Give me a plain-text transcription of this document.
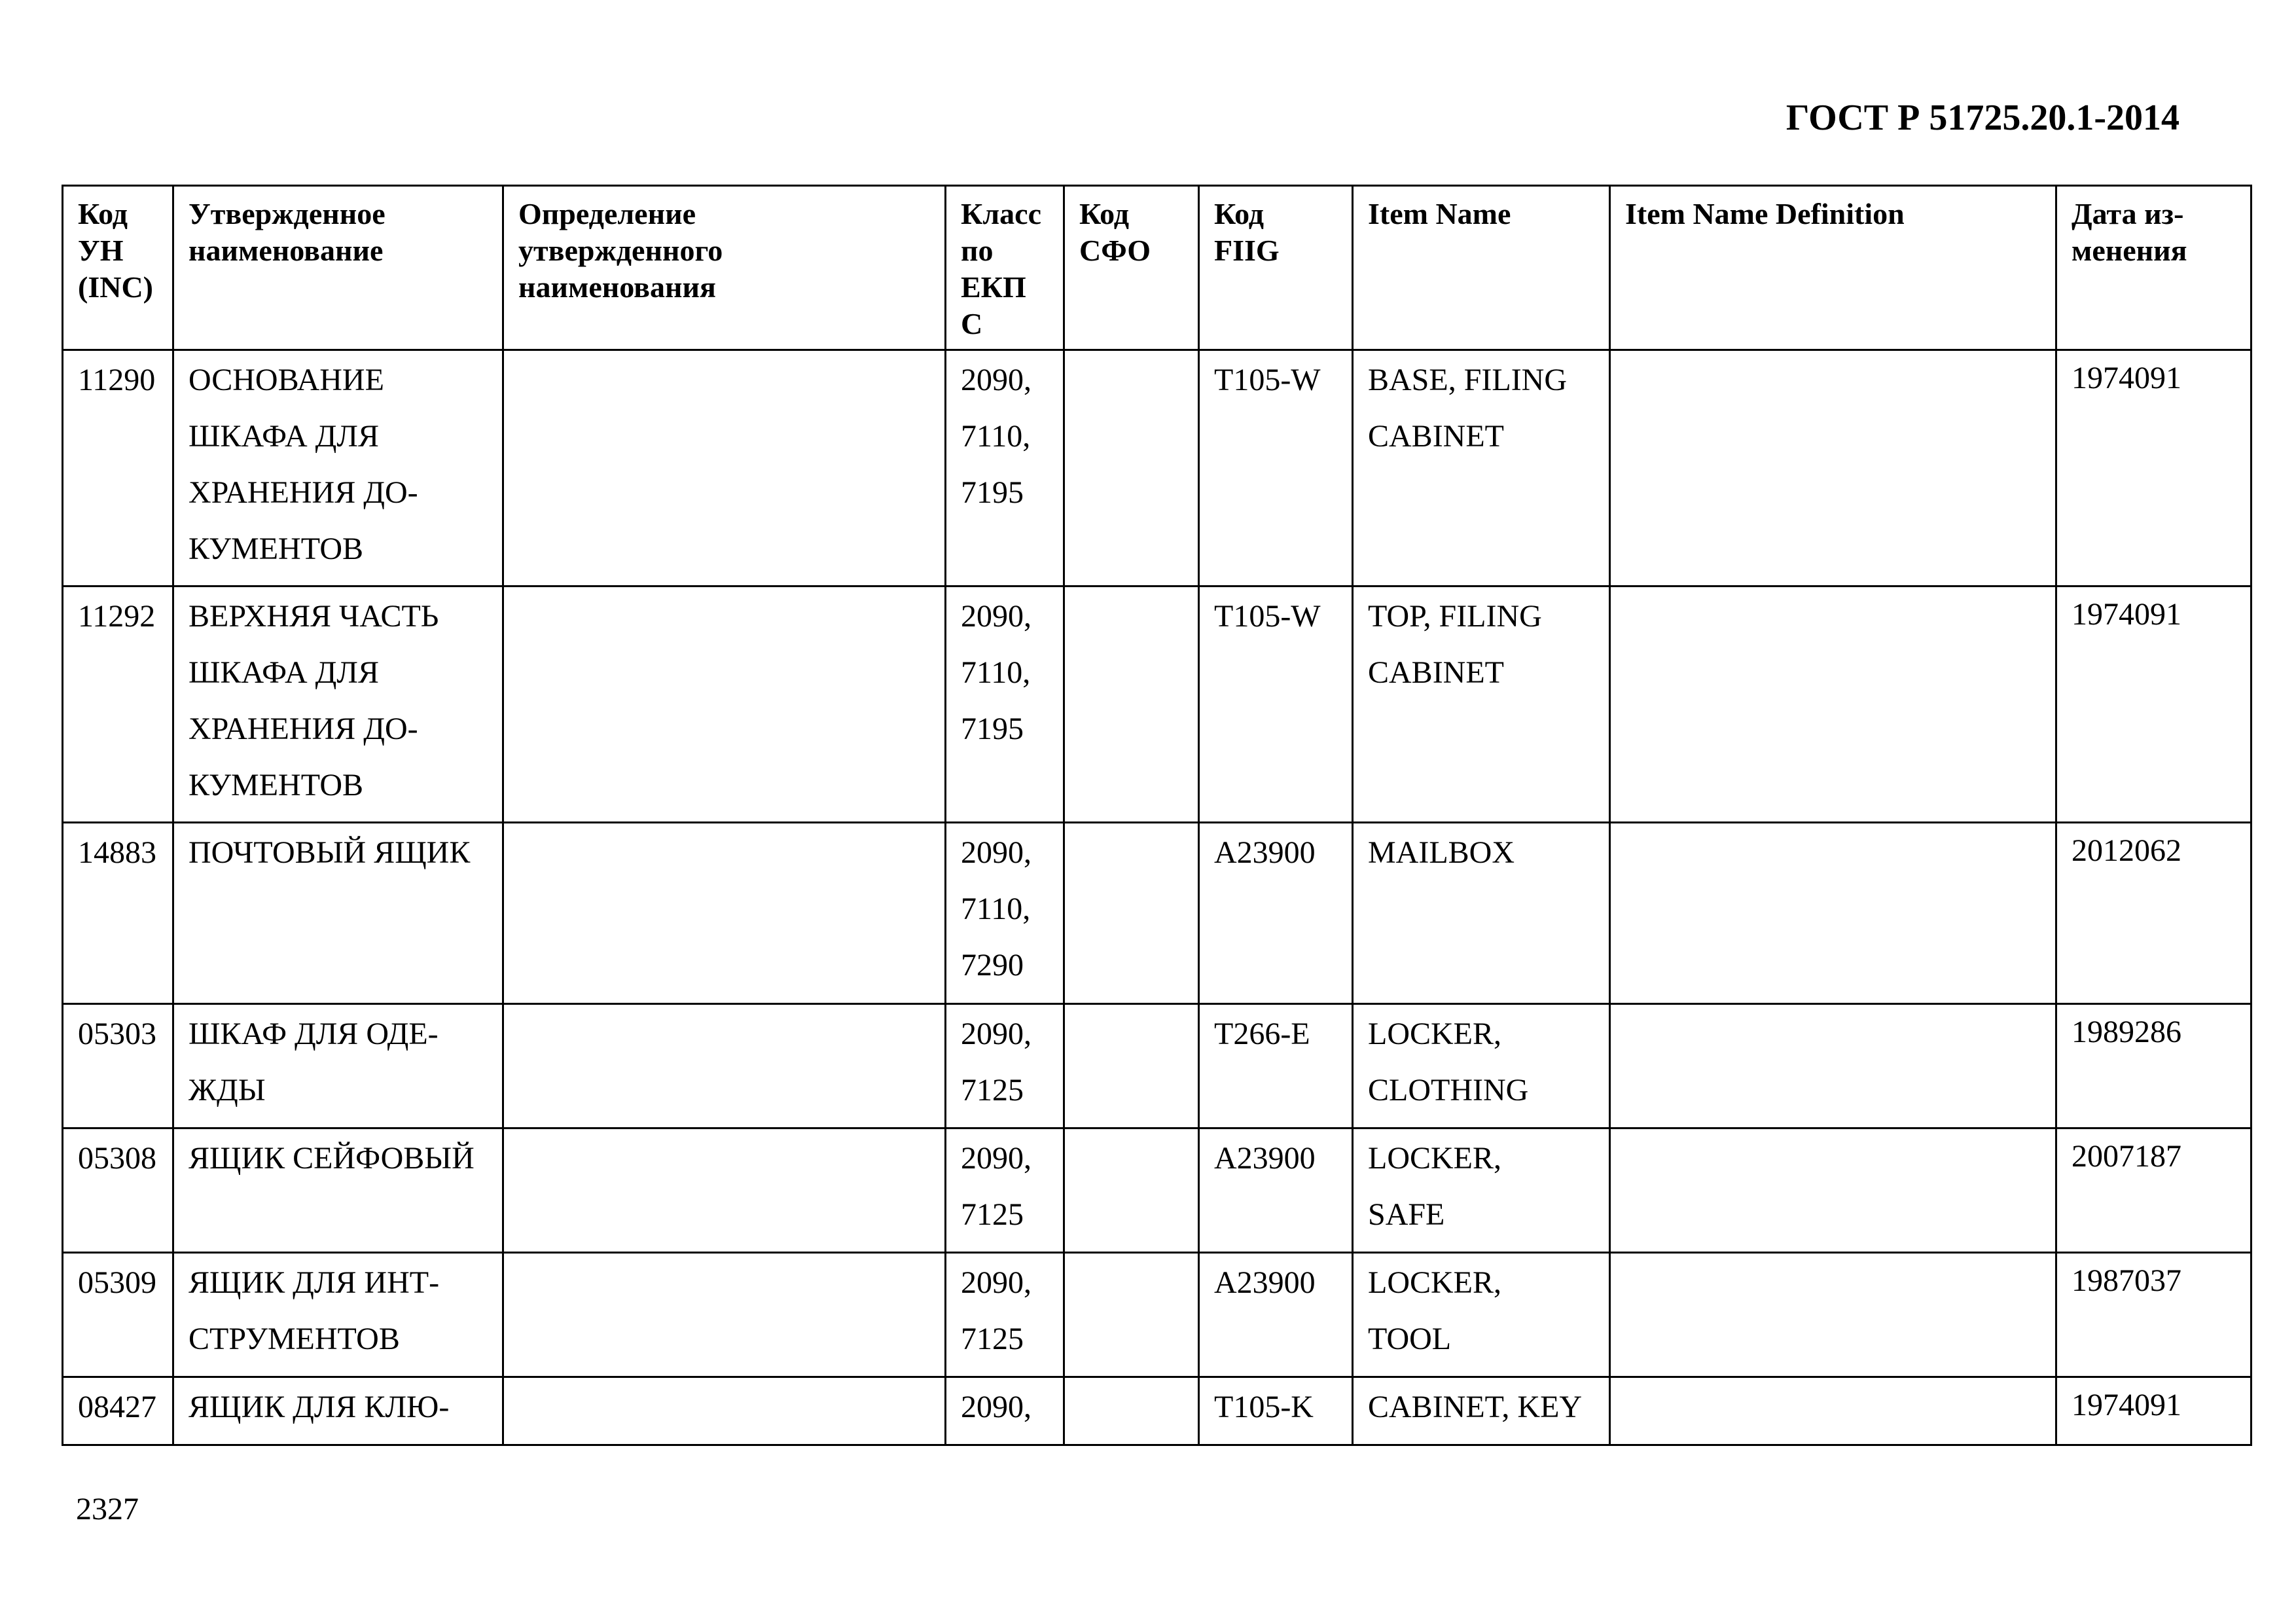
ГОСТ Р 51725.20.1-2014
Код
УН
(INC)	Утвержденное
наименование	Определение
утвержденного
наименования	Класс
по
ЕКП
С	Код
СФО	Код
FIIG	Item Name	Item Name Definition	Дата из-
менения

11290	ОСНОВАНИЕ
ШКАФА ДЛЯ
ХРАНЕНИЯ ДО-
КУМЕНТОВ		2090,
7110,
7195		T105-W	BASE, FILING
CABINET		1974091

11292	ВЕРХНЯЯ ЧАСТЬ
ШКАФА ДЛЯ
ХРАНЕНИЯ ДО-
КУМЕНТОВ		2090,
7110,
7195		T105-W	TOP, FILING
CABINET		1974091

14883	ПОЧТОВЫЙ ЯЩИК		2090,
7110,
7290		A23900	MAILBOX		2012062

05303	ШКАФ ДЛЯ ОДЕ-
ЖДЫ		2090,
7125		T266-E	LOCKER,
CLOTHING		1989286

05308	ЯЩИК СЕЙФОВЫЙ		2090,
7125		A23900	LOCKER,
SAFE		2007187

05309	ЯЩИК ДЛЯ ИНТ-
СТРУМЕНТОВ		2090,
7125		A23900	LOCKER,
TOOL		1987037

08427	ЯЩИК ДЛЯ КЛЮ-		2090,		T105-K	CABINET, KEY		1974091
2327
